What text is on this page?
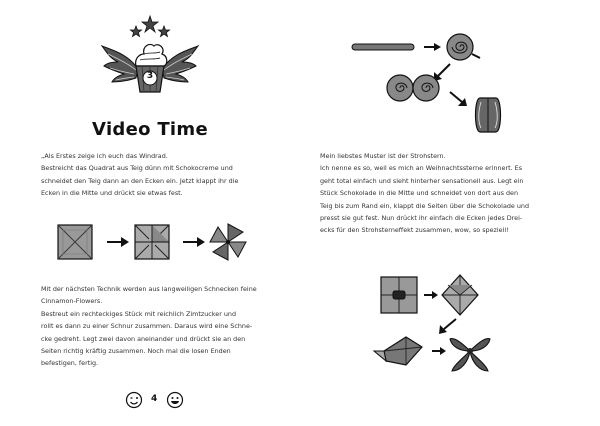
3
Video Time
„Als Erstes zeige ich euch das Windrad.
Bestreicht das Quadrat aus Teig dünn mit Schokocreme und
schneidet den Teig dann an den Ecken ein. Jetzt klappt ihr die
Ecken in die Mitte und drückt sie etwas fest.
Mit der nächsten Technik werden aus langweiligen Schnecken feine
Cinnamon-Flowers.
Bestreut ein rechteckiges Stück mit reichlich Zimtzucker und
rollt es dann zu einer Schnur zusammen. Daraus wird eine Schne-
cke gedreht. Legt zwei davon aneinander und drückt sie an den
Seiten richtig kräftig zusammen. Noch mal die losen Enden
befestigen, fertig.
4
Mein liebstes Muster ist der Strohstern.
Ich nenne es so, weil es mich an Weihnachtssterne erinnert. Es
geht total einfach und sieht hinterher sensationell aus. Legt ein
Stück Schokolade in die Mitte und schneidet von dort aus den
Teig bis zum Rand ein, klappt die Seiten über die Schokolade und
presst sie gut fest. Nun drückt ihr einfach die Ecken jedes Drei-
ecks für den Strohsterneffekt zusammen, wow, so speziell!
